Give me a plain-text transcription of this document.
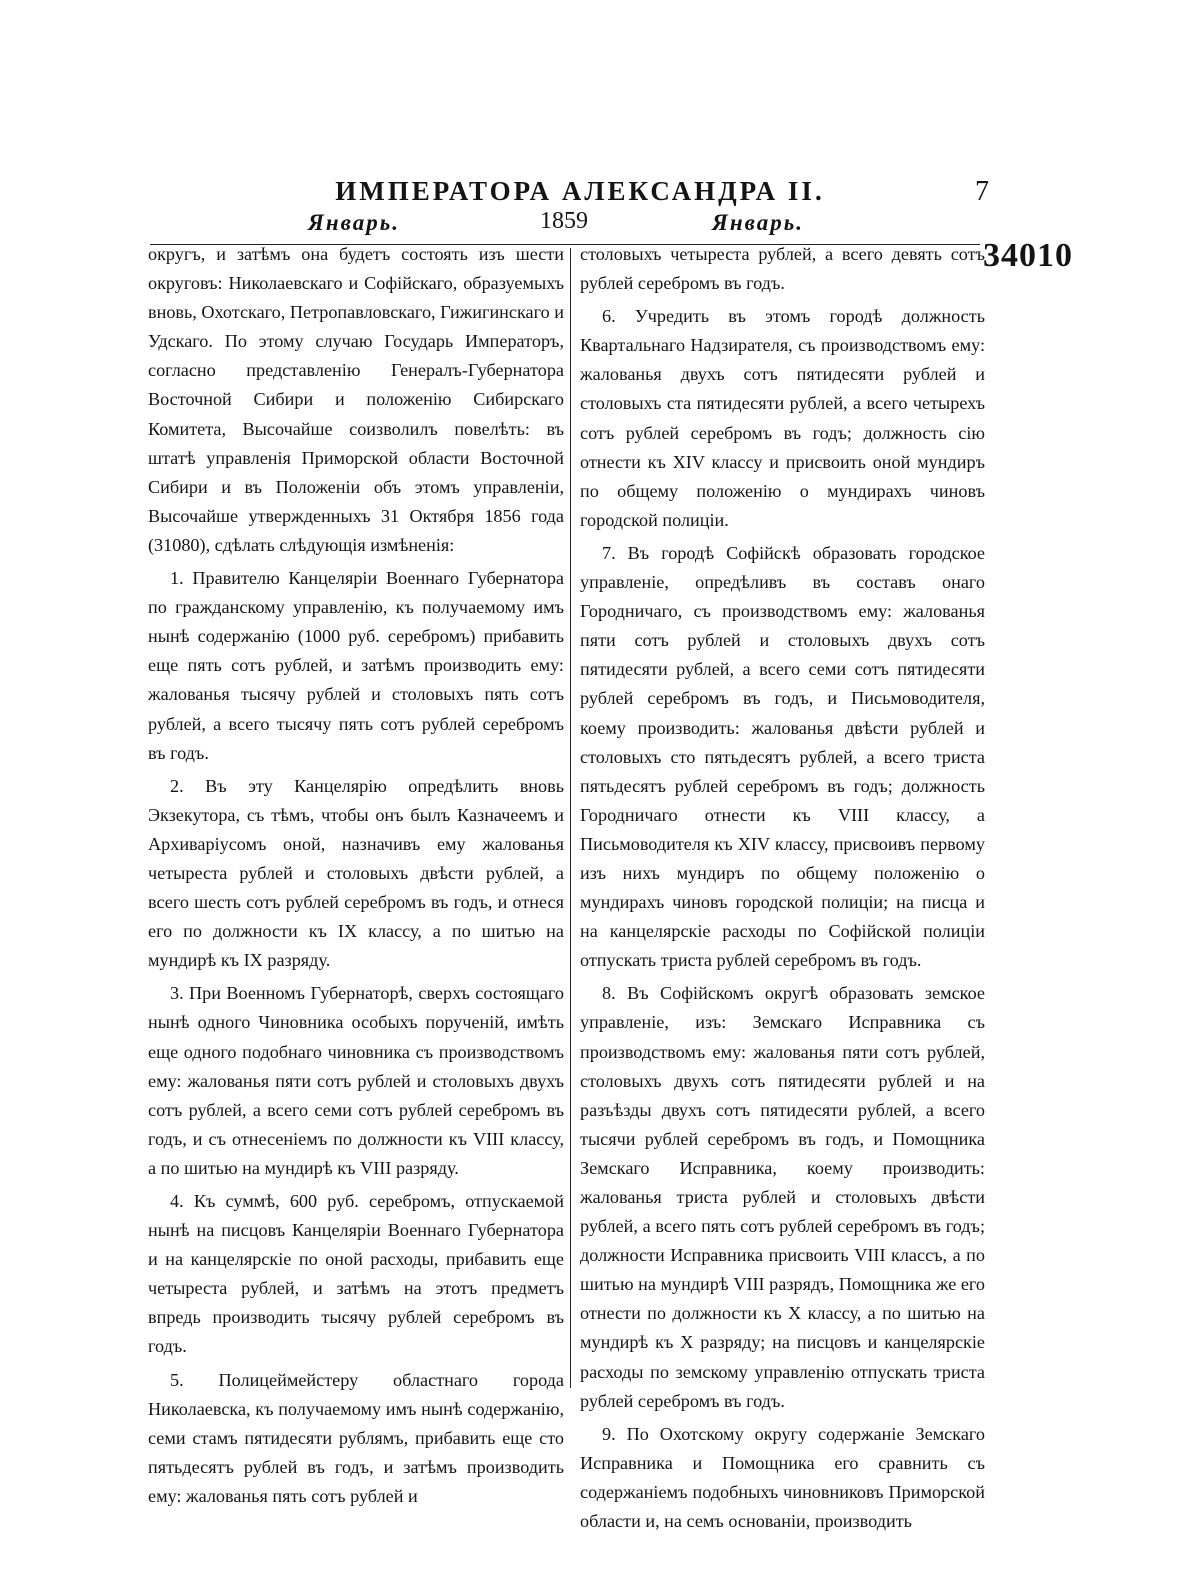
ИМПЕРАТОРА АЛЕКСАНДРА II.	7
Январь.	1859	Январь.
34010

округъ, и затѣмъ она будетъ состоять изъ шести округовъ: Николаевскаго и Софійскаго, образуемыхъ вновь, Охотскаго, Петропавловскаго, Гижигинскаго и Удскаго. По этому случаю Государь Императоръ, согласно представленію Генералъ-Губернатора Восточной Сибири и положенію Сибирскаго Комитета, Высочайше соизволилъ повелѣть: въ штатѣ управленія Приморской области Восточной Сибири и въ Положеніи объ этомъ управленіи, Высочайше утвержденныхъ 31 Октября 1856 года (31080), сдѣлать слѣдующія измѣненія:

1. Правителю Канцеляріи Военнаго Губернатора по гражданскому управленію, къ получаемому имъ нынѣ содержанію (1000 руб. серебромъ) прибавить еще пять сотъ рублей, и затѣмъ производить ему: жалованья тысячу рублей и столовыхъ пять сотъ рублей, а всего тысячу пять сотъ рублей серебромъ въ годъ.

2. Въ эту Канцелярію опредѣлить вновь Экзекутора, съ тѣмъ, чтобы онъ былъ Казначеемъ и Архиваріусомъ оной, назначивъ ему жалованья четыреста рублей и столовыхъ двѣсти рублей, а всего шесть сотъ рублей серебромъ въ годъ, и отнеся его по должности къ IX классу, а по шитью на мундирѣ къ IX разряду.

3. При Военномъ Губернаторѣ, сверхъ состоящаго нынѣ одного Чиновника особыхъ порученій, имѣть еще одного подобнаго чиновника съ производствомъ ему: жалованья пяти сотъ рублей и столовыхъ двухъ сотъ рублей, а всего семи сотъ рублей серебромъ въ годъ, и съ отнесеніемъ по должности къ VIII классу, а по шитью на мундирѣ къ VIII разряду.

4. Къ суммѣ, 600 руб. серебромъ, отпускаемой нынѣ на писцовъ Канцеляріи Военнаго Губернатора и на канцелярскіе по оной расходы, прибавить еще четыреста рублей, и затѣмъ на этотъ предметъ впредь производить тысячу рублей серебромъ въ годъ.

5. Полицеймейстеру областнаго города Николаевска, къ получаемому имъ нынѣ содержанію, семи стамъ пятидесяти рублямъ, прибавить еще сто пятьдесятъ рублей въ годъ, и затѣмъ производить ему: жалованья пять сотъ рублей и

столовыхъ четыреста рублей, а всего девять сотъ рублей серебромъ въ годъ.

6. Учредить въ этомъ городѣ должность Квартальнаго Надзирателя, съ производствомъ ему: жалованья двухъ сотъ пятидесяти рублей и столовыхъ ста пятидесяти рублей, а всего четырехъ сотъ рублей серебромъ въ годъ; должность сію отнести къ XIV классу и присвоить оной мундиръ по общему положенію о мундирахъ чиновъ городской полиціи.

7. Въ городѣ Софійскѣ образовать городское управленіе, опредѣливъ въ составъ онаго Городничаго, съ производствомъ ему: жалованья пяти сотъ рублей и столовыхъ двухъ сотъ пятидесяти рублей, а всего семи сотъ пятидесяти рублей серебромъ въ годъ, и Письмоводителя, коему производить: жалованья двѣсти рублей и столовыхъ сто пятьдесятъ рублей, а всего триста пятьдесятъ рублей серебромъ въ годъ; должность Городничаго отнести къ VIII классу, а Письмоводителя къ XIV классу, присвоивъ первому изъ нихъ мундиръ по общему положенію о мундирахъ чиновъ городской полиціи; на писца и на канцелярскіе расходы по Софійской полиціи отпускать триста рублей серебромъ въ годъ.

8. Въ Софійскомъ округѣ образовать земское управленіе, изъ: Земскаго Исправника съ производствомъ ему: жалованья пяти сотъ рублей, столовыхъ двухъ сотъ пятидесяти рублей и на разъѣзды двухъ сотъ пятидесяти рублей, а всего тысячи рублей серебромъ въ годъ, и Помощника Земскаго Исправника, коему производить: жалованья триста рублей и столовыхъ двѣсти рублей, а всего пять сотъ рублей серебромъ въ годъ; должности Исправника присвоить VIII классъ, а по шитью на мундирѣ VIII разрядъ, Помощника же его отнести по должности къ X классу, а по шитью на мундирѣ къ X разряду; на писцовъ и канцелярскіе расходы по земскому управленію отпускать триста рублей серебромъ въ годъ.

9. По Охотскому округу содержаніе Земскаго Исправника и Помощника его сравнить съ содержаніемъ подобныхъ чиновниковъ Приморской области и, на семъ основаніи, производить
